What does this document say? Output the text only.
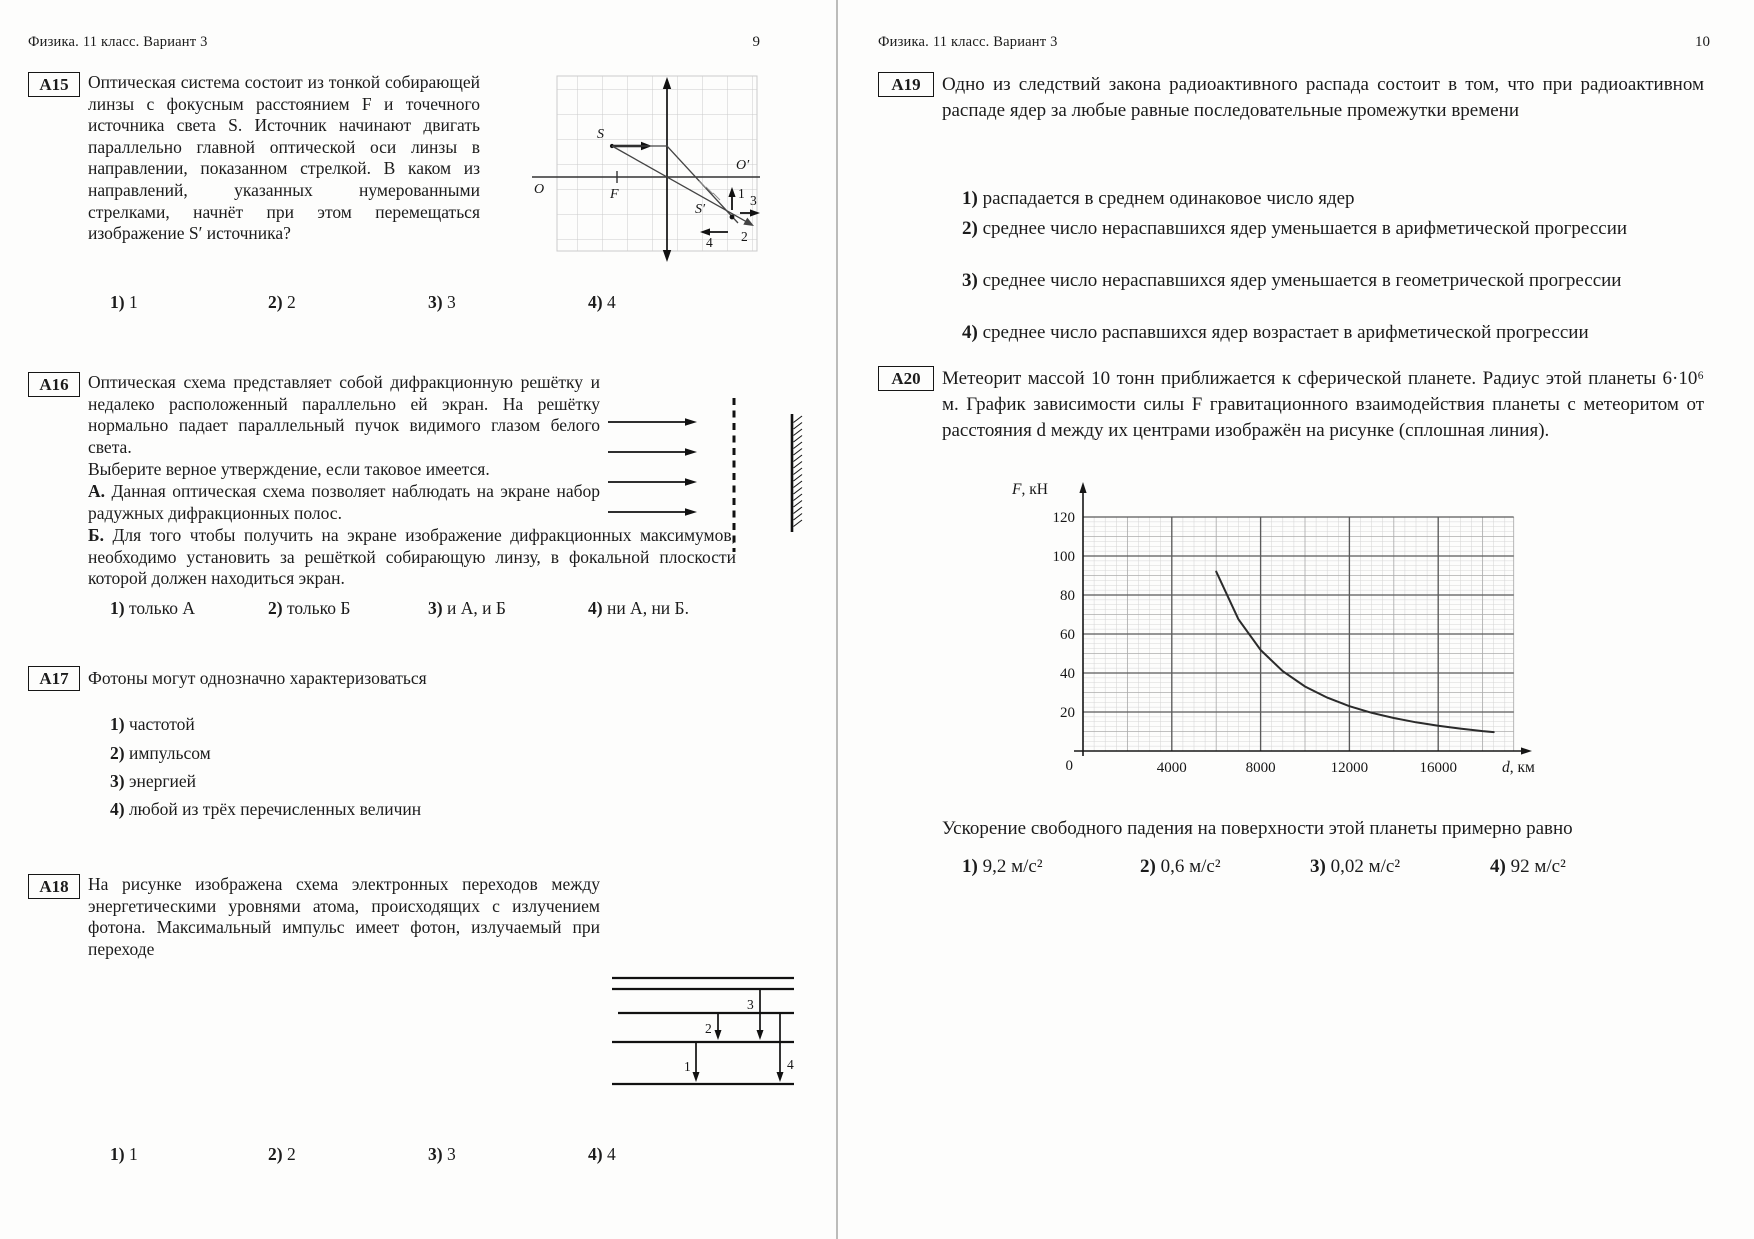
Физика. 11 класс. Вариант 3	9
А15	Оптическая система состоит из тонкой собирающей линзы с фокусным расстоянием F и точечного источника света S. Источник начинают двигать параллельно главной оптической оси линзы в направлении, показанном стрелкой. В каком из направлений, указанных нумерованными стрелками, начнёт при этом перемещаться изображение S′ источника?
O
O′
F
S
S′
1
2
3
4
1) 1	2) 2	3) 3	4) 4
А16	Оптическая схема представляет собой дифракционную решётку и недалеко расположенный параллельно ей экран. На решётку нормально падает параллельный пучок видимого глазом белого света.
Выберите верное утверждение, если таковое имеется.
А. Данная оптическая схема позволяет наблюдать на экране набор радужных дифракционных полос.
Б. Для того чтобы получить на экране изображение дифракционных максимумов, необходимо установить за решёткой собирающую линзу, в фокальной плоскости которой должен находиться экран.
1) только А	2) только Б	3) и А, и Б	4) ни А, ни Б.
А17	Фотоны могут однозначно характеризоваться
1) частотой
2) импульсом
3) энергией
4) любой из трёх перечисленных величин
А18	На рисунке изображена схема электронных переходов между энергетическими уровнями атома, происходящих с излучением фотона. Максимальный импульс имеет фотон, излучаемый при переходе
1
2
3
4
1) 1	2) 2	3) 3	4) 4
Физика. 11 класс. Вариант 3	10
А19	Одно из следствий закона радиоактивного распада состоит в том, что при радиоактивном распаде ядер за любые равные последовательные промежутки времени
1) распадается в среднем одинаковое число ядер
2) среднее число нераспавшихся ядер уменьшается в арифметической прогрессии
3) среднее число нераспавшихся ядер уменьшается в геометрической прогрессии
4) среднее число распавшихся ядер возрастает в арифметической прогрессии
А20	Метеорит массой 10 тонн приближается к сферической планете. Радиус этой планеты 6·10⁶ м. График зависимости силы F гравитационного взаимодействия планеты с метеоритом от расстояния d между их центрами изображён на рисунке (сплошная линия).
20
40
60
80
100
120
0	4000	8000	12000	16000
F, кН
d, км
Ускорение свободного падения на поверхности этой планеты примерно равно
1) 9,2 м/с²	2) 0,6 м/с²	3) 0,02 м/с²	4) 92 м/с²
